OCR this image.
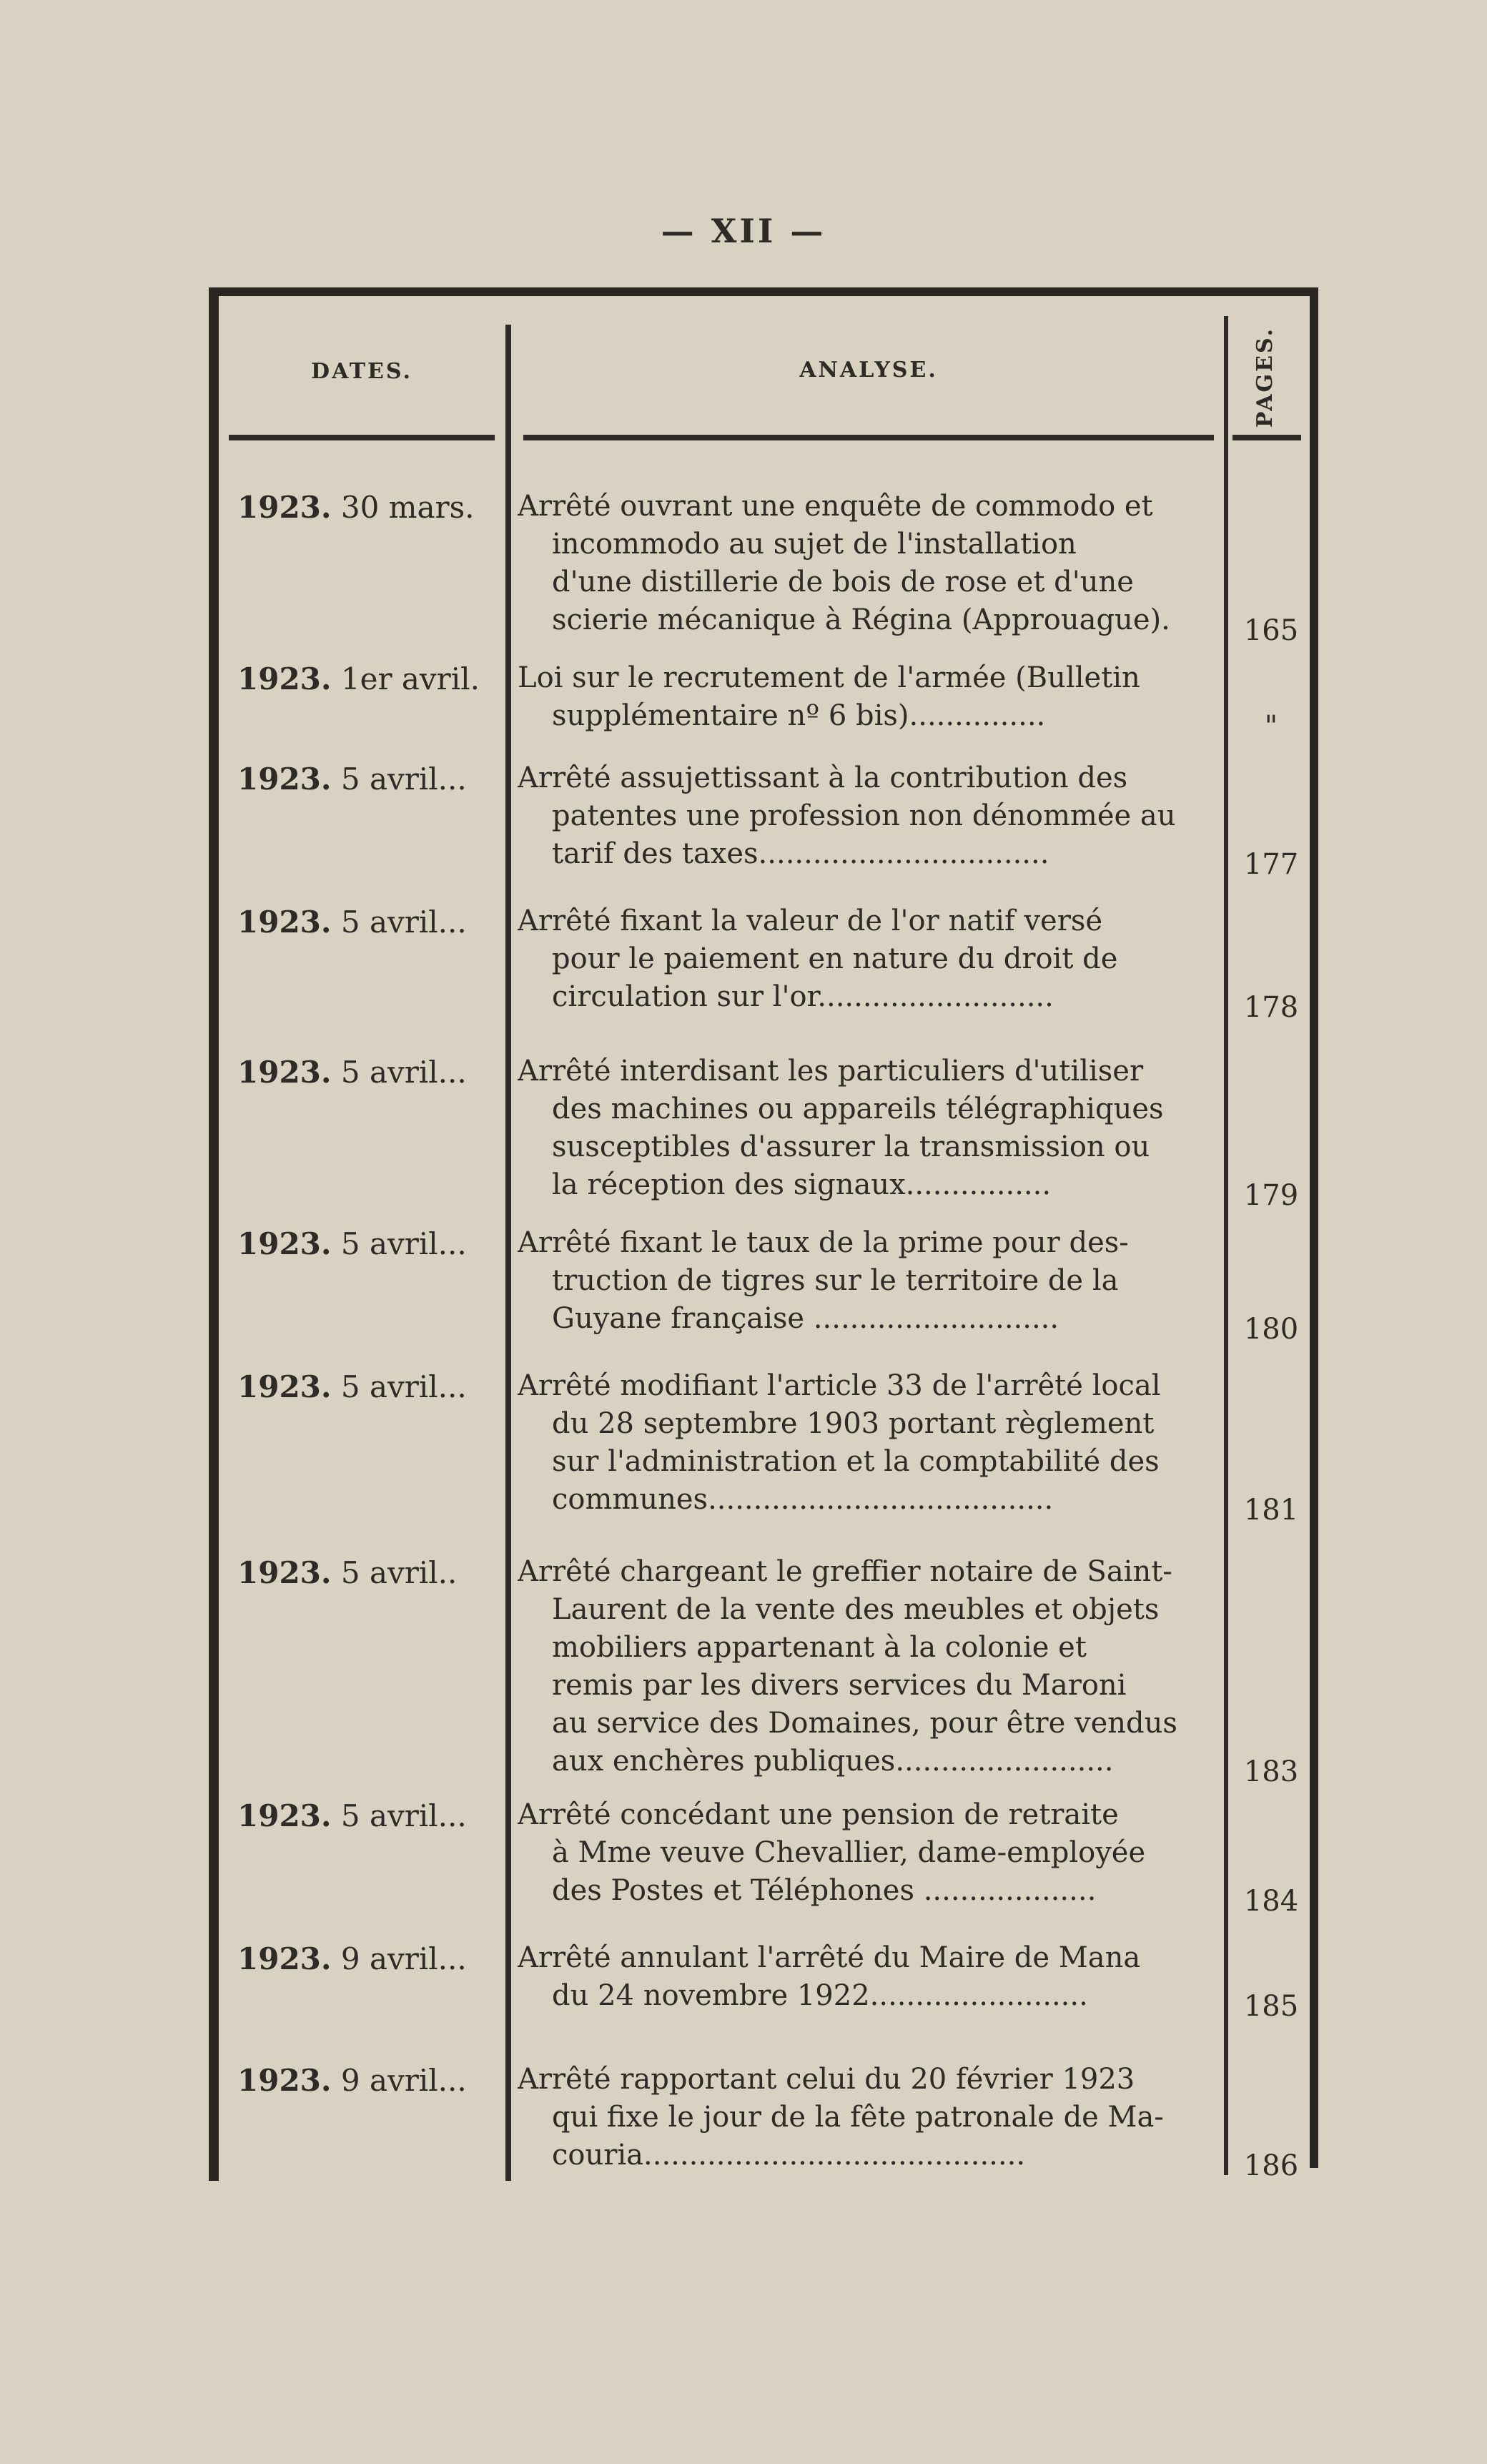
— XII —
DATES.	ANALYSE.	PAGES.
1923. 30 mars.	Arrêté ouvrant une enquête de commodo et
incommodo au sujet de l'installation
d'une distillerie de bois de rose et d'une
scierie mécanique à Régina (Approuague).	165
1923. 1er avril.	Loi sur le recrutement de l'armée (Bulletin
supplémentaire nº 6 bis)...............	"
1923. 5 avril...	Arrêté assujettissant à la contribution des
patentes une profession non dénommée au
tarif des taxes................................	177
1923. 5 avril...	Arrêté fixant la valeur de l'or natif versé
pour le paiement en nature du droit de
circulation sur l'or..........................	178
1923. 5 avril...	Arrêté interdisant les particuliers d'utiliser
des machines ou appareils télégraphiques
susceptibles d'assurer la transmission ou
la réception des signaux................	179
1923. 5 avril...	Arrêté fixant le taux de la prime pour des-
truction de tigres sur le territoire de la
Guyane française ...........................	180
1923. 5 avril...	Arrêté modifiant l'article 33 de l'arrêté local
du 28 septembre 1903 portant règlement
sur l'administration et la comptabilité des
communes......................................	181
1923. 5 avril..	Arrêté chargeant le greffier notaire de Saint-
Laurent de la vente des meubles et objets
mobiliers appartenant à la colonie et
remis par les divers services du Maroni
au service des Domaines, pour être vendus
aux enchères publiques........................	183
1923. 5 avril...	Arrêté concédant une pension de retraite
à Mme veuve Chevallier, dame-employée
des Postes et Téléphones ...................	184
1923. 9 avril...	Arrêté annulant l'arrêté du Maire de Mana
du 24 novembre 1922........................	185
1923. 9 avril...	Arrêté rapportant celui du 20 février 1923
qui fixe le jour de la fête patronale de Ma-
couria..........................................	186
